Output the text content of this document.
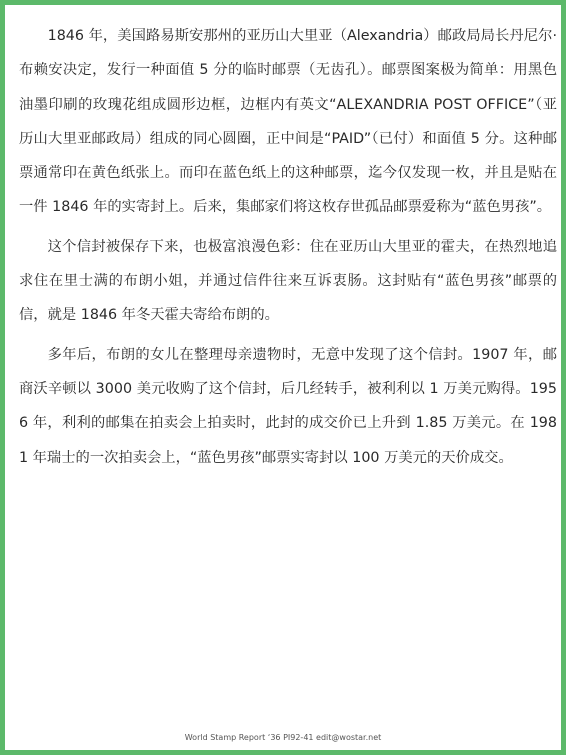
1846 年，美国路易斯安那州的亚历山大里亚（Alexandria）邮政局局长丹尼尔·布赖安决定，发行一种面值 5 分的临时邮票（无齿孔）。邮票图案极为简单：用黑色油墨印刷的玫瑰花组成圆形边框，边框内有英文“ALEXANDRIA POST OFFICE”（亚历山大里亚邮政局）组成的同心圆圈，正中间是“PAID”（已付）和面值 5 分。这种邮票通常印在黄色纸张上。而印在蓝色纸上的这种邮票，迄今仅发现一枚，并且是贴在一件 1846 年的实寄封上。后来，集邮家们将这枚存世孤品邮票爱称为“蓝色男孩”。

这个信封被保存下来，也极富浪漫色彩：住在亚历山大里亚的霍夫，在热烈地追求住在里士满的布朗小姐，并通过信件往来互诉衷肠。这封贴有“蓝色男孩”邮票的信，就是 1846 年冬天霍夫寄给布朗的。

多年后，布朗的女儿在整理母亲遗物时，无意中发现了这个信封。1907 年，邮商沃辛顿以 3000 美元收购了这个信封，后几经转手，被利利以 1 万美元购得。1956 年，利利的邮集在拍卖会上拍卖时，此封的成交价已上升到 1.85 万美元。在 1981 年瑞士的一次拍卖会上，“蓝色男孩”邮票实寄封以 100 万美元的天价成交。

World Stamp Report ‘36 PI92-41 edit@wostar.net
